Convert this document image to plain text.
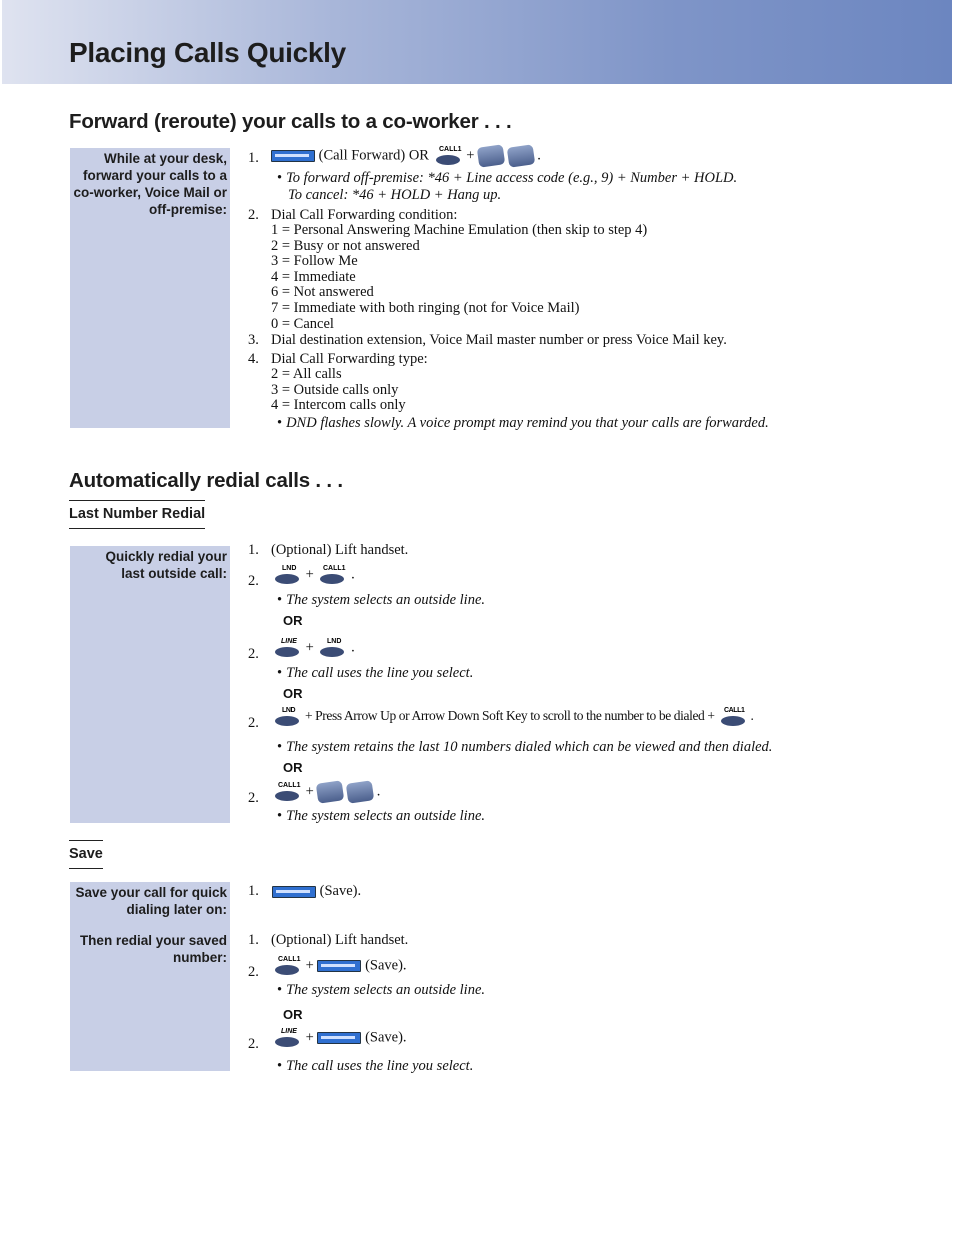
Placing Calls Quickly
Forward (reroute) your calls to a co-worker . . .
While at your desk, forward your calls to a co-worker, Voice Mail or off-premise:
1.	(Call Forward) OR CALL1 +	.
• To forward off-premise: *46 + Line access code (e.g., 9) + Number + HOLD.
To cancel: *46 + HOLD + Hang up.
2. Dial Call Forwarding condition:
1 = Personal Answering Machine Emulation (then skip to step 4)
2 = Busy or not answered
3 = Follow Me
4 = Immediate
6 = Not answered
7 = Immediate with both ringing (not for Voice Mail)
0 = Cancel
3. Dial destination extension, Voice Mail master number or press Voice Mail key.
4. Dial Call Forwarding type:
2 = All calls
3 = Outside calls only
4 = Intercom calls only
• DND flashes slowly. A voice prompt may remind you that your calls are forwarded.
Automatically redial calls . . .
Last Number Redial
Quickly redial your last outside call:
1. (Optional) Lift handset.
2.
LND + CALL1 .
• The system selects an outside line.
OR
2.
LINE + LND .
• The call uses the line you select.
OR
2.
LND + Press Arrow Up or Arrow Down Soft Key to scroll to the number to be dialed + CALL1 .
• The system retains the last 10 numbers dialed which can be viewed and then dialed.
OR
2.
CALL1 +	.
• The system selects an outside line.
Save
Save your call for quick dialing later on:
Then redial your saved number:
1.	(Save).
1. (Optional) Lift handset.
2.
CALL1 +	(Save).
• The system selects an outside line.
OR
2.
LINE +	(Save).
• The call uses the line you select.
